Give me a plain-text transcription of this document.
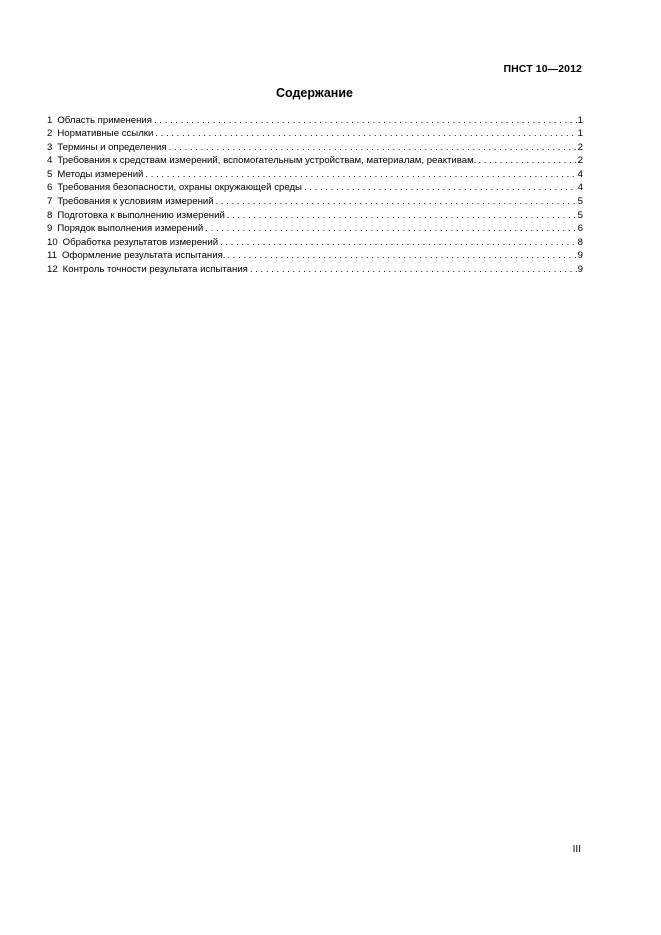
ПНСТ 10—2012
Содержание
1 Область применения . . .	1
2 Нормативные ссылки . . .	1
3 Термины и определения . . .	2
4 Требования к средствам измерений, вспомогательным устройствам, материалам, реактивам. . . .	2
5 Методы измерений . . .	4
6 Требования безопасности, охраны окружающей среды . . .	4
7 Требования к условиям измерений . . .	5
8 Подготовка к выполнению измерений . . .	5
9 Порядок выполнения измерений . . .	6
10 Обработка результатов измерений . . .	8
11 Оформление результата испытания. . . .	9
12 Контроль точности результата испытания . . .	9
III
